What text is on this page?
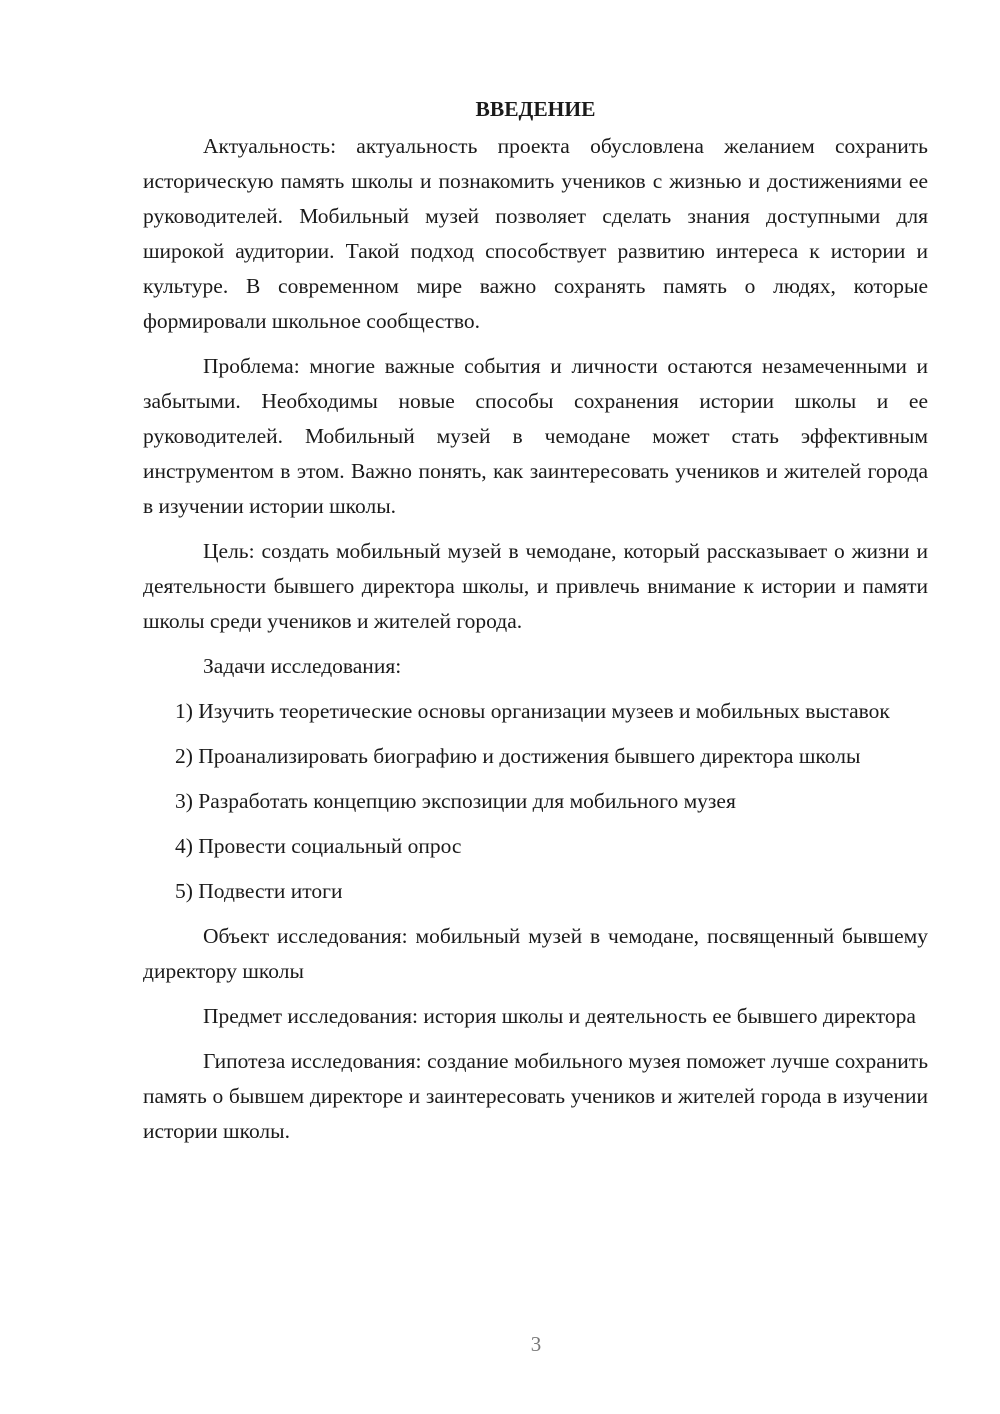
ВВЕДЕНИЕ

Актуальность: актуальность проекта обусловлена желанием сохранить историческую память школы и познакомить учеников с жизнью и достижениями ее руководителей. Мобильный музей позволяет сделать знания доступными для широкой аудитории. Такой подход способствует развитию интереса к истории и культуре. В современном мире важно сохранять память о людях, которые формировали школьное сообщество.

Проблема: многие важные события и личности остаются незамеченными и забытыми. Необходимы новые способы сохранения истории школы и ее руководителей. Мобильный музей в чемодане может стать эффективным инструментом в этом. Важно понять, как заинтересовать учеников и жителей города в изучении истории школы.

Цель: создать мобильный музей в чемодане, который рассказывает о жизни и деятельности бывшего директора школы, и привлечь внимание к истории и памяти школы среди учеников и жителей города.

Задачи исследования:

1) Изучить теоретические основы организации музеев и мобильных выставок

2) Проанализировать биографию и достижения бывшего директора школы

3) Разработать концепцию экспозиции для мобильного музея

4) Провести социальный опрос

5) Подвести итоги

Объект исследования: мобильный музей в чемодане, посвященный бывшему директору школы

Предмет исследования: история школы и деятельность ее бывшего директора

Гипотеза исследования: создание мобильного музея поможет лучше сохранить память о бывшем директоре и заинтересовать учеников и жителей города в изучении истории школы.

3
